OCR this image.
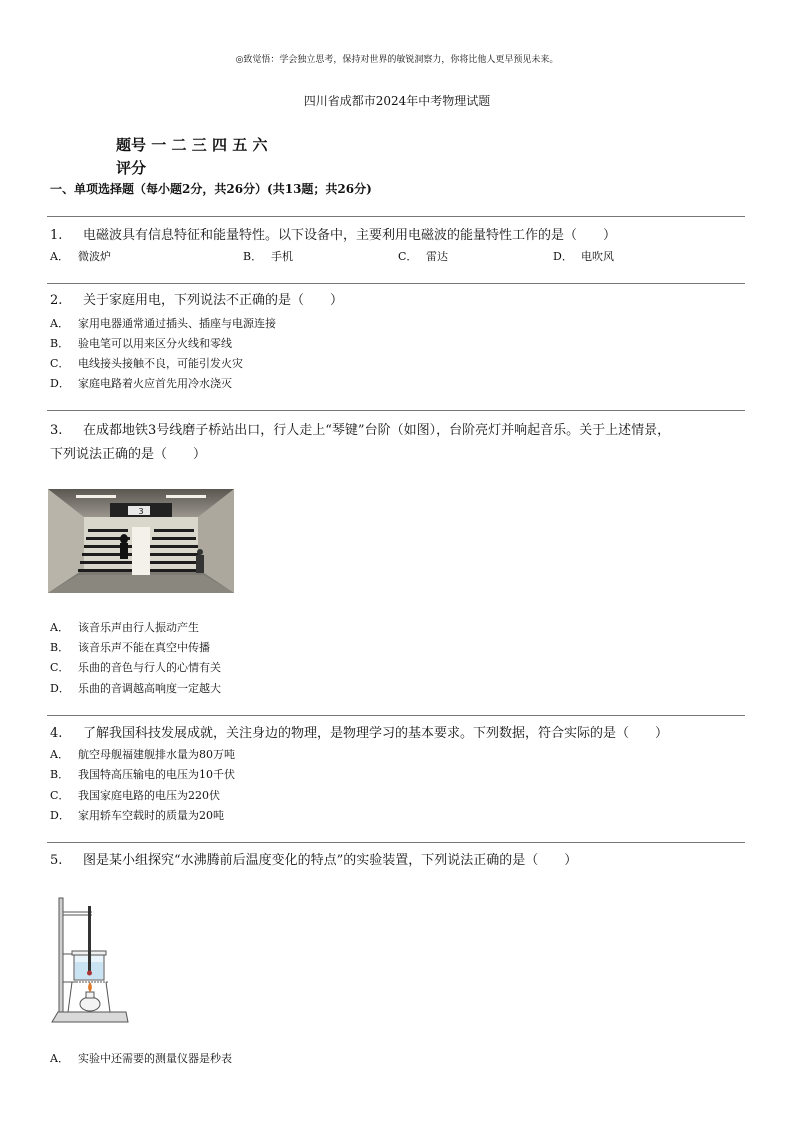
◎致觉悟：学会独立思考，保持对世界的敏锐洞察力，你将比他人更早预见未来。
四川省成都市2024年中考物理试题
题号 一 二 三 四 五 六
评分
一、单项选择题（每小题2分，共26分）(共13题；共26分)
1. 电磁波具有信息特征和能量特性。以下设备中，主要利用电磁波的能量特性工作的是（　　）
A． 微波炉	B． 手机	C． 雷达	D． 电吹风
2. 关于家庭用电，下列说法不正确的是（　　）
A． 家用电器通常通过插头、插座与电源连接
B． 验电笔可以用来区分火线和零线
C． 电线接头接触不良，可能引发火灾
D． 家庭电路着火应首先用冷水浇灭
3. 在成都地铁3号线磨子桥站出口，行人走上“琴键”台阶（如图），台阶亮灯并响起音乐。关于上述情景，
下列说法正确的是（　　）
3
A． 该音乐声由行人振动产生
B． 该音乐声不能在真空中传播
C． 乐曲的音色与行人的心情有关
D． 乐曲的音调越高响度一定越大
4. 了解我国科技发展成就，关注身边的物理，是物理学习的基本要求。下列数据，符合实际的是（　　）
A． 航空母舰福建舰排水量为80万吨
B． 我国特高压输电的电压为10千伏
C． 我国家庭电路的电压为220伏
D． 家用轿车空载时的质量为20吨
5. 图是某小组探究“水沸腾前后温度变化的特点”的实验装置，下列说法正确的是（　　）
A． 实验中还需要的测量仪器是秒表
